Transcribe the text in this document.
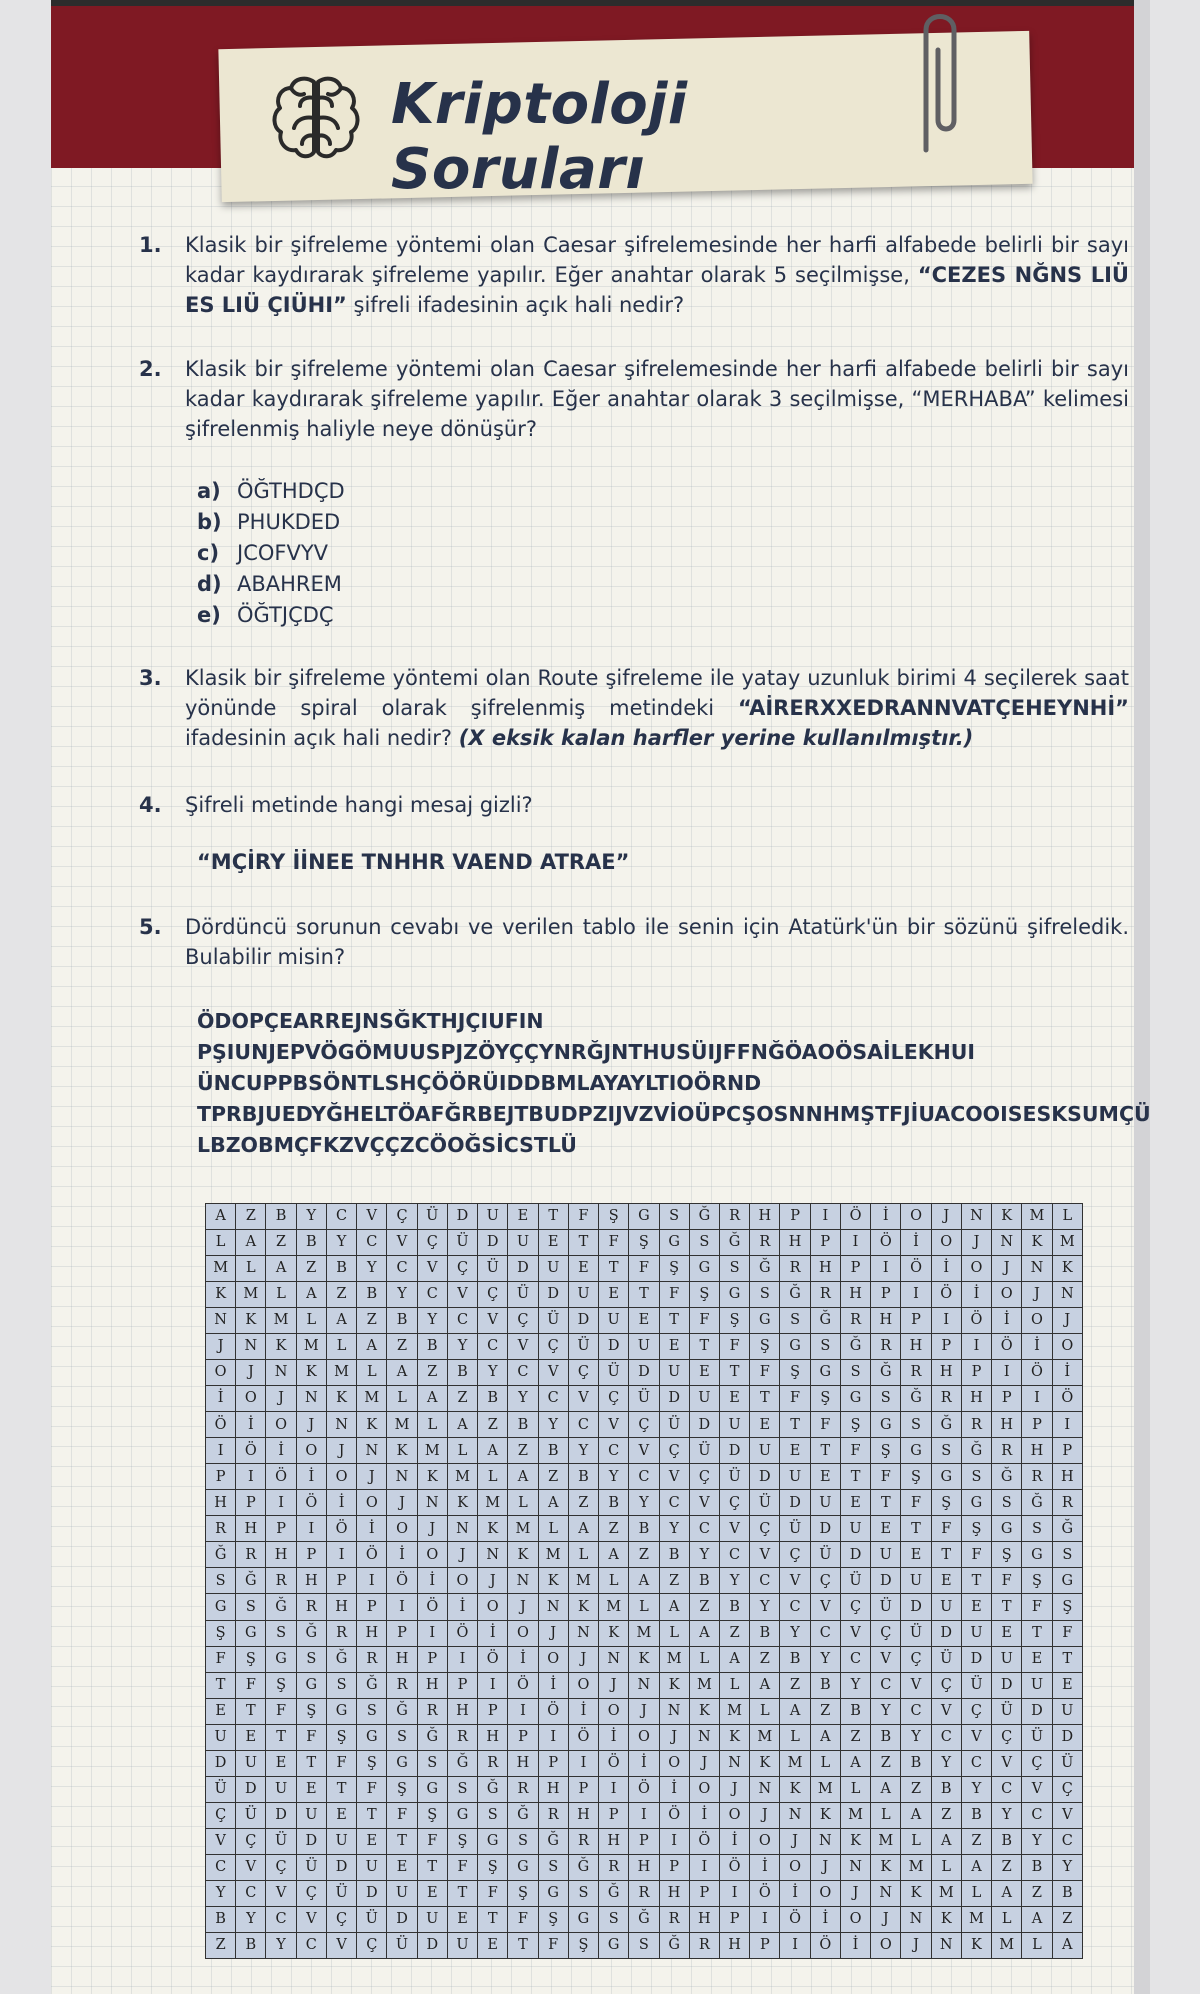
Kriptoloji Soruları
1. Klasik bir şifreleme yöntemi olan Caesar şifrelemesinde her harfi alfabede belirli bir sayı kadar kaydırarak şifreleme yapılır. Eğer anahtar olarak 5 seçilmişse, “CEZES NĞNS LIÜ ES LIÜ ÇIÜHI” şifreli ifadesinin açık hali nedir?
2. Klasik bir şifreleme yöntemi olan Caesar şifrelemesinde her harfi alfabede belirli bir sayı kadar kaydırarak şifreleme yapılır. Eğer anahtar olarak 3 seçilmişse, “MERHABA” kelimesi şifrelenmiş haliyle neye dönüşür?
a) ÖĞTHDÇD
b) PHUKDED
c) JCOFVYV
d) ABAHREM
e) ÖĞTJÇDÇ
3. Klasik bir şifreleme yöntemi olan Route şifreleme ile yatay uzunluk birimi 4 seçilerek saat yönünde spiral olarak şifrelenmiş metindeki “AİRERXXEDRANNVATÇEHEYNHİ” ifadesinin açık hali nedir? (X eksik kalan harfler yerine kullanılmıştır.)
4. Şifreli metinde hangi mesaj gizli?
“MÇİRY İİNEE TNHHR VAEND ATRAE”
5. Dördüncü sorunun cevabı ve verilen tablo ile senin için Atatürk'ün bir sözünü şifreledik. Bulabilir misin?
ÖDOPÇEARREJNSĞKTHJÇIUFIN
PŞIUNJEPVÖGÖMUUSPJZÖYÇÇYNRĞJNTHUSÜIJFFNĞÖAOÖSAİLEKHUI
ÜNCUPPBSÖNTLSHÇÖÖRÜIDDBMLAYAYLTIOÖRND
TPRBJUEDYĞHELTÖAFĞRBEJTBUDPZIJVZVİOÜPCŞOSNNHMŞTFJİUACOOISESKSUMÇÜ
LBZOBMÇFKZVÇÇZCÖOĞSİCSTLÜ
A	Z	B	Y	C	V	Ç	Ü	D	U	E	T	F	Ş	G	S	Ğ	R	H	P	I	Ö	İ	O	J	N	K	M	L
L	A	Z	B	Y	C	V	Ç	Ü	D	U	E	T	F	Ş	G	S	Ğ	R	H	P	I	Ö	İ	O	J	N	K	M
M	L	A	Z	B	Y	C	V	Ç	Ü	D	U	E	T	F	Ş	G	S	Ğ	R	H	P	I	Ö	İ	O	J	N	K
K	M	L	A	Z	B	Y	C	V	Ç	Ü	D	U	E	T	F	Ş	G	S	Ğ	R	H	P	I	Ö	İ	O	J	N
N	K	M	L	A	Z	B	Y	C	V	Ç	Ü	D	U	E	T	F	Ş	G	S	Ğ	R	H	P	I	Ö	İ	O	J
J	N	K	M	L	A	Z	B	Y	C	V	Ç	Ü	D	U	E	T	F	Ş	G	S	Ğ	R	H	P	I	Ö	İ	O
O	J	N	K	M	L	A	Z	B	Y	C	V	Ç	Ü	D	U	E	T	F	Ş	G	S	Ğ	R	H	P	I	Ö	İ
İ	O	J	N	K	M	L	A	Z	B	Y	C	V	Ç	Ü	D	U	E	T	F	Ş	G	S	Ğ	R	H	P	I	Ö
Ö	İ	O	J	N	K	M	L	A	Z	B	Y	C	V	Ç	Ü	D	U	E	T	F	Ş	G	S	Ğ	R	H	P	I
I	Ö	İ	O	J	N	K	M	L	A	Z	B	Y	C	V	Ç	Ü	D	U	E	T	F	Ş	G	S	Ğ	R	H	P
P	I	Ö	İ	O	J	N	K	M	L	A	Z	B	Y	C	V	Ç	Ü	D	U	E	T	F	Ş	G	S	Ğ	R	H
H	P	I	Ö	İ	O	J	N	K	M	L	A	Z	B	Y	C	V	Ç	Ü	D	U	E	T	F	Ş	G	S	Ğ	R
R	H	P	I	Ö	İ	O	J	N	K	M	L	A	Z	B	Y	C	V	Ç	Ü	D	U	E	T	F	Ş	G	S	Ğ
Ğ	R	H	P	I	Ö	İ	O	J	N	K	M	L	A	Z	B	Y	C	V	Ç	Ü	D	U	E	T	F	Ş	G	S
S	Ğ	R	H	P	I	Ö	İ	O	J	N	K	M	L	A	Z	B	Y	C	V	Ç	Ü	D	U	E	T	F	Ş	G
G	S	Ğ	R	H	P	I	Ö	İ	O	J	N	K	M	L	A	Z	B	Y	C	V	Ç	Ü	D	U	E	T	F	Ş
Ş	G	S	Ğ	R	H	P	I	Ö	İ	O	J	N	K	M	L	A	Z	B	Y	C	V	Ç	Ü	D	U	E	T	F
F	Ş	G	S	Ğ	R	H	P	I	Ö	İ	O	J	N	K	M	L	A	Z	B	Y	C	V	Ç	Ü	D	U	E	T
T	F	Ş	G	S	Ğ	R	H	P	I	Ö	İ	O	J	N	K	M	L	A	Z	B	Y	C	V	Ç	Ü	D	U	E
E	T	F	Ş	G	S	Ğ	R	H	P	I	Ö	İ	O	J	N	K	M	L	A	Z	B	Y	C	V	Ç	Ü	D	U
U	E	T	F	Ş	G	S	Ğ	R	H	P	I	Ö	İ	O	J	N	K	M	L	A	Z	B	Y	C	V	Ç	Ü	D
D	U	E	T	F	Ş	G	S	Ğ	R	H	P	I	Ö	İ	O	J	N	K	M	L	A	Z	B	Y	C	V	Ç	Ü
Ü	D	U	E	T	F	Ş	G	S	Ğ	R	H	P	I	Ö	İ	O	J	N	K	M	L	A	Z	B	Y	C	V	Ç
Ç	Ü	D	U	E	T	F	Ş	G	S	Ğ	R	H	P	I	Ö	İ	O	J	N	K	M	L	A	Z	B	Y	C	V
V	Ç	Ü	D	U	E	T	F	Ş	G	S	Ğ	R	H	P	I	Ö	İ	O	J	N	K	M	L	A	Z	B	Y	C
C	V	Ç	Ü	D	U	E	T	F	Ş	G	S	Ğ	R	H	P	I	Ö	İ	O	J	N	K	M	L	A	Z	B	Y
Y	C	V	Ç	Ü	D	U	E	T	F	Ş	G	S	Ğ	R	H	P	I	Ö	İ	O	J	N	K	M	L	A	Z	B
B	Y	C	V	Ç	Ü	D	U	E	T	F	Ş	G	S	Ğ	R	H	P	I	Ö	İ	O	J	N	K	M	L	A	Z
Z	B	Y	C	V	Ç	Ü	D	U	E	T	F	Ş	G	S	Ğ	R	H	P	I	Ö	İ	O	J	N	K	M	L	A
